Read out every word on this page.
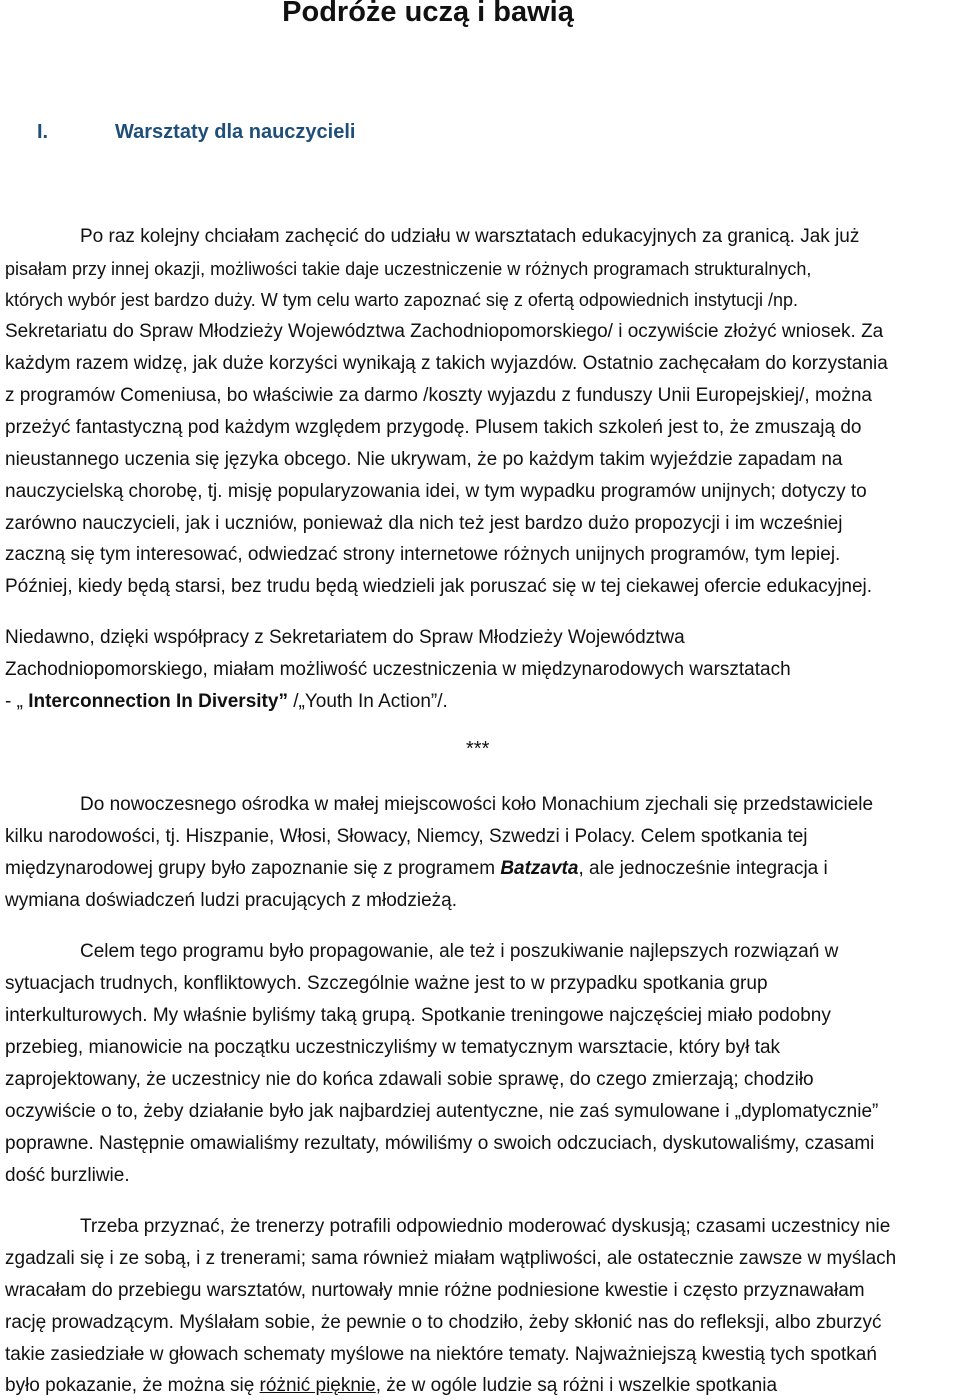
Podróże uczą i bawią
I.	Warsztaty dla nauczycieli
Po raz kolejny chciałam zachęcić do udziału w warsztatach edukacyjnych za granicą. Jak już
pisałam przy innej okazji, możliwości takie daje uczestniczenie w różnych programach strukturalnych,
których wybór jest bardzo duży. W tym celu warto zapoznać się z ofertą odpowiednich instytucji /np.
Sekretariatu do Spraw Młodzieży Województwa Zachodniopomorskiego/ i oczywiście złożyć wniosek. Za
każdym razem widzę, jak duże korzyści wynikają z takich wyjazdów. Ostatnio zachęcałam do korzystania
z programów Comeniusa, bo właściwie za darmo /koszty wyjazdu z funduszy Unii Europejskiej/, można
przeżyć fantastyczną pod każdym względem przygodę. Plusem takich szkoleń jest to, że zmuszają do
nieustannego uczenia się języka obcego. Nie ukrywam, że po każdym takim wyjeździe zapadam na
nauczycielską chorobę, tj. misję popularyzowania idei, w tym wypadku programów unijnych; dotyczy to
zarówno nauczycieli, jak i uczniów, ponieważ dla nich też jest bardzo dużo propozycji i im wcześniej
zaczną się tym interesować, odwiedzać strony internetowe różnych unijnych programów, tym lepiej.
Później, kiedy będą starsi, bez trudu będą wiedzieli jak poruszać się w tej ciekawej ofercie edukacyjnej.
Niedawno, dzięki współpracy z Sekretariatem do Spraw Młodzieży Województwa
Zachodniopomorskiego, miałam możliwość uczestniczenia w międzynarodowych warsztatach
- „ Interconnection In Diversity” /„Youth In Action”/.
***
Do nowoczesnego ośrodka w małej miejscowości koło Monachium zjechali się przedstawiciele
kilku narodowości, tj. Hiszpanie, Włosi, Słowacy, Niemcy, Szwedzi i Polacy. Celem spotkania tej
międzynarodowej grupy było zapoznanie się z programem Batzavta, ale jednocześnie integracja i
wymiana doświadczeń ludzi pracujących z młodzieżą.
Celem tego programu było propagowanie, ale też i poszukiwanie najlepszych rozwiązań w
sytuacjach trudnych, konfliktowych. Szczególnie ważne jest to w przypadku spotkania grup
interkulturowych. My właśnie byliśmy taką grupą. Spotkanie treningowe najczęściej miało podobny
przebieg, mianowicie na początku uczestniczyliśmy w tematycznym warsztacie, który był tak
zaprojektowany, że uczestnicy nie do końca zdawali sobie sprawę, do czego zmierzają; chodziło
oczywiście o to, żeby działanie było jak najbardziej autentyczne, nie zaś symulowane i „dyplomatycznie”
poprawne. Następnie omawialiśmy rezultaty, mówiliśmy o swoich odczuciach, dyskutowaliśmy, czasami
dość burzliwie.
Trzeba przyznać, że trenerzy potrafili odpowiednio moderować dyskusją; czasami uczestnicy nie
zgadzali się i ze sobą, i z trenerami; sama również miałam wątpliwości, ale ostatecznie zawsze w myślach
wracałam do przebiegu warsztatów, nurtowały mnie różne podniesione kwestie i często przyznawałam
rację prowadzącym. Myślałam sobie, że pewnie o to chodziło, żeby skłonić nas do refleksji, albo zburzyć
takie zasiedziałe w głowach schematy myślowe na niektóre tematy. Najważniejszą kwestią tych spotkań
było pokazanie, że można się różnić pięknie, że w ogóle ludzie są różni i wszelkie spotkania
